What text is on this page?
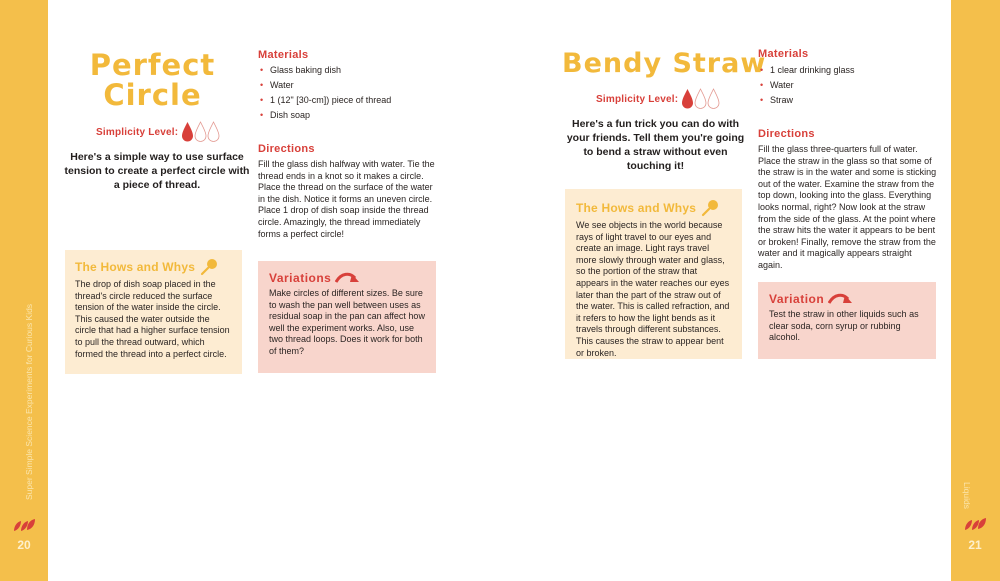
Super Simple Science Experiments for Curious Kids	Liquids
20	21
Perfect
Circle
Simplicity Level:
Here's a simple way to use surface tension to create a perfect circle with a piece of thread.
Materials
• Glass baking dish
• Water
• 1 (12" [30-cm]) piece of thread
• Dish soap
Directions
Fill the glass dish halfway with water. Tie the thread ends in a knot so it makes a circle. Place the thread on the surface of the water in the dish. Notice it forms an uneven circle. Place 1 drop of dish soap inside the thread circle. Amazingly, the thread immediately forms a perfect circle!
The Hows and Whys
The drop of dish soap placed in the thread's circle reduced the surface tension of the water inside the circle. This caused the water outside the circle that had a higher surface tension to pull the thread outward, which formed the thread into a perfect circle.
Variations
Make circles of different sizes. Be sure to wash the pan well between uses as residual soap in the pan can affect how well the experiment works. Also, use two thread loops. Does it work for both of them?
Bendy Straw
Simplicity Level:
Here's a fun trick you can do with your friends. Tell them you're going to bend a straw without even touching it!
Materials
• 1 clear drinking glass
• Water
• Straw
Directions
Fill the glass three-quarters full of water. Place the straw in the glass so that some of the straw is in the water and some is sticking out of the water. Examine the straw from the top down, looking into the glass. Everything looks normal, right? Now look at the straw from the side of the glass. At the point where the straw hits the water it appears to be bent or broken! Finally, remove the straw from the water and it magically appears straight again.
The Hows and Whys
We see objects in the world because rays of light travel to our eyes and create an image. Light rays travel more slowly through water and glass, so the portion of the straw that appears in the water reaches our eyes later than the part of the straw out of the water. This is called refraction, and it refers to how the light bends as it travels through different substances. This causes the straw to appear bent or broken.
Variation
Test the straw in other liquids such as clear soda, corn syrup or rubbing alcohol.
